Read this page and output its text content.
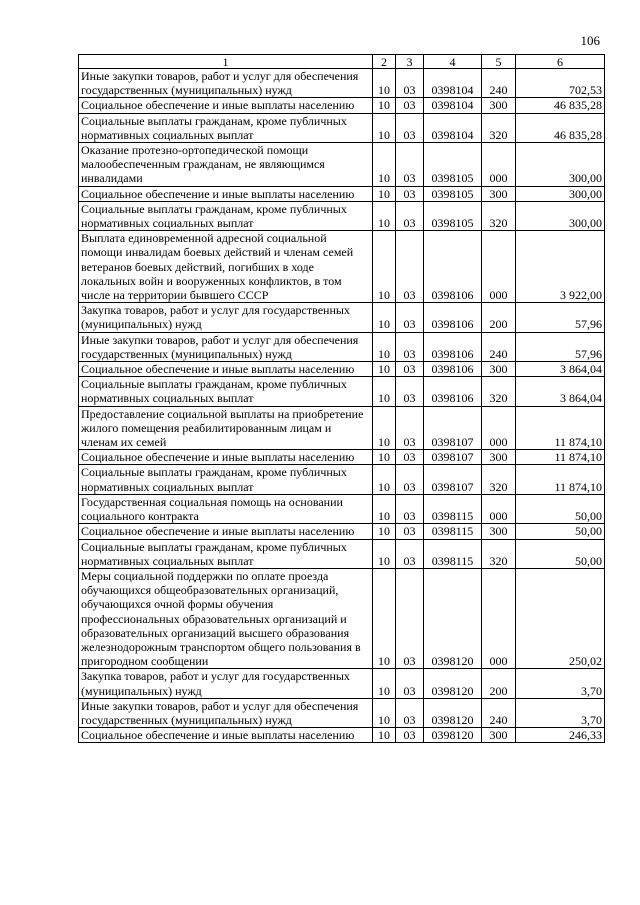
106
1	2	3	4	5	6
Иные закупки товаров, работ и услуг для обеспечения государственных (муниципальных) нужд	10	03	0398104	240	702,53
Социальное обеспечение и иные выплаты населению	10	03	0398104	300	46 835,28
Социальные выплаты гражданам, кроме публичных нормативных социальных выплат	10	03	0398104	320	46 835,28
Оказание протезно-ортопедической помощи малообеспеченным гражданам, не являющимся инвалидами	10	03	0398105	000	300,00
Социальное обеспечение и иные выплаты населению	10	03	0398105	300	300,00
Социальные выплаты гражданам, кроме публичных нормативных социальных выплат	10	03	0398105	320	300,00
Выплата единовременной адресной социальной помощи инвалидам боевых действий и членам семей ветеранов боевых действий, погибших в ходе локальных войн и вооруженных конфликтов, в том числе на территории бывшего СССР	10	03	0398106	000	3 922,00
Закупка товаров, работ и услуг для государственных (муниципальных) нужд	10	03	0398106	200	57,96
Иные закупки товаров, работ и услуг для обеспечения государственных (муниципальных) нужд	10	03	0398106	240	57,96
Социальное обеспечение и иные выплаты населению	10	03	0398106	300	3 864,04
Социальные выплаты гражданам, кроме публичных нормативных социальных выплат	10	03	0398106	320	3 864,04
Предоставление социальной выплаты на приобретение жилого помещения реабилитированным лицам и членам их семей	10	03	0398107	000	11 874,10
Социальное обеспечение и иные выплаты населению	10	03	0398107	300	11 874,10
Социальные выплаты гражданам, кроме публичных нормативных социальных выплат	10	03	0398107	320	11 874,10
Государственная социальная помощь на основании социального контракта	10	03	0398115	000	50,00
Социальное обеспечение и иные выплаты населению	10	03	0398115	300	50,00
Социальные выплаты гражданам, кроме публичных нормативных социальных выплат	10	03	0398115	320	50,00
Меры социальной поддержки по оплате проезда обучающихся общеобразовательных организаций, обучающихся очной формы обучения профессиональных образовательных организаций и образовательных организаций высшего образования железнодорожным транспортом общего пользования в пригородном сообщении	10	03	0398120	000	250,02
Закупка товаров, работ и услуг для государственных (муниципальных) нужд	10	03	0398120	200	3,70
Иные закупки товаров, работ и услуг для обеспечения государственных (муниципальных) нужд	10	03	0398120	240	3,70
Социальное обеспечение и иные выплаты населению	10	03	0398120	300	246,33
